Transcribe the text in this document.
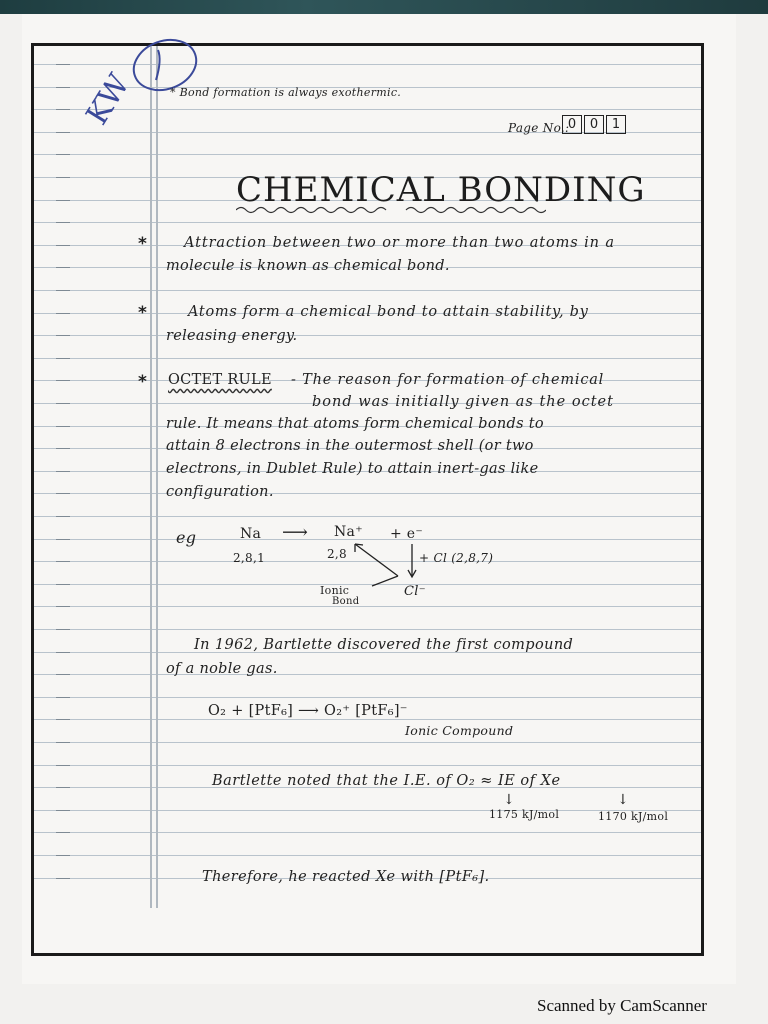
KW	* Bond formation is always exothermic.
Page No.:
0	0	1
CHEMICAL BONDING
*	Attraction between two or more than two atoms in a
molecule is known as chemical bond.
*	Atoms form a chemical bond to attain stability, by
releasing energy.
* OCTET RULE - The reason for formation of chemical
bond was initially given as the octet
rule. It means that atoms form chemical bonds to
attain 8 electrons in the outermost shell (or two
electrons, in Dublet Rule) to attain inert-gas like
configuration.
eg	Na ⟶ Na⁺ + e⁻
2,8,1	2,8	+ Cl (2,8,7)
Ionic
Bond
Cl⁻
In 1962, Bartlette discovered the first compound
of a noble gas.
O₂ + [PtF₆] ⟶ O₂⁺ [PtF₆]⁻
Ionic Compound
Bartlette noted that the I.E. of O₂ ≈ IE of Xe
↓	↓
1175 kJ/mol	1170 kJ/mol
Therefore, he reacted Xe with [PtF₆].
Scanned by CamScanner
